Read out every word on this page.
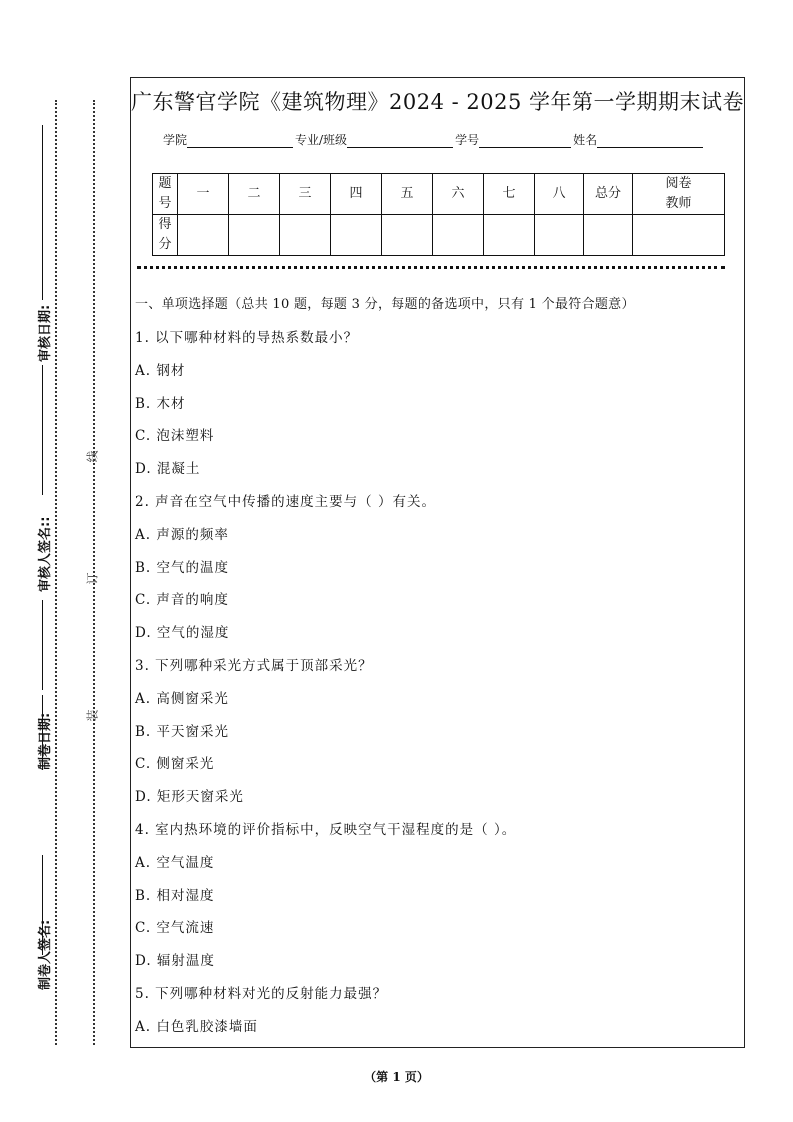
制卷人签名:
制卷日期:
审核人签名::
审核日期:
装
订
线
广东警官学院《建筑物理》2024 - 2025 学年第一学期期末试卷
学院	专业/班级	学号	姓名
题号	一	二	三	四	五	六	七	八	总分	阅卷教师
得分										
一、单项选择题（总共 10 题，每题 3 分，每题的备选项中，只有 1 个最符合题意）
1. 以下哪种材料的导热系数最小？
A. 钢材
B. 木材
C. 泡沫塑料
D. 混凝土
2. 声音在空气中传播的速度主要与（ ）有关。
A. 声源的频率
B. 空气的温度
C. 声音的响度
D. 空气的湿度
3. 下列哪种采光方式属于顶部采光？
A. 高侧窗采光
B. 平天窗采光
C. 侧窗采光
D. 矩形天窗采光
4. 室内热环境的评价指标中，反映空气干湿程度的是（ ）。
A. 空气温度
B. 相对湿度
C. 空气流速
D. 辐射温度
5. 下列哪种材料对光的反射能力最强？
A. 白色乳胶漆墙面
（第 1 页）
